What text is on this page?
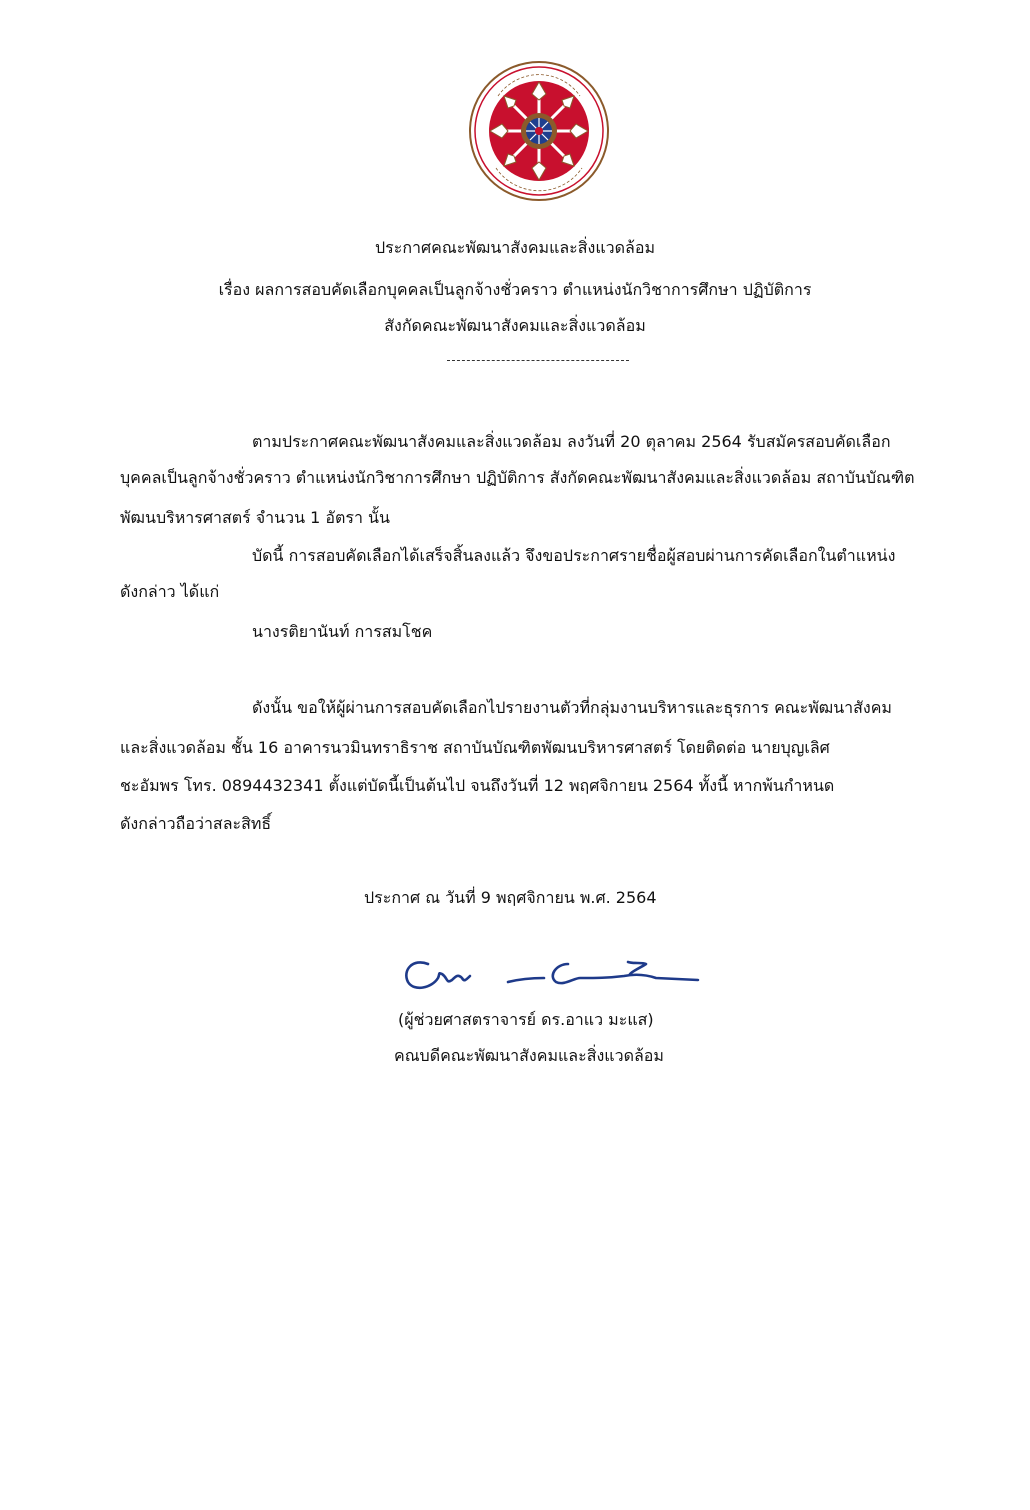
ประกาศคณะพัฒนาสังคมและสิ่งแวดล้อม
เรื่อง ผลการสอบคัดเลือกบุคคลเป็นลูกจ้างชั่วคราว ตำแหน่งนักวิชาการศึกษา ปฏิบัติการ
สังกัดคณะพัฒนาสังคมและสิ่งแวดล้อม
ตามประกาศคณะพัฒนาสังคมและสิ่งแวดล้อม ลงวันที่ 20 ตุลาคม 2564 รับสมัครสอบคัดเลือก
บุคคลเป็นลูกจ้างชั่วคราว ตำแหน่งนักวิชาการศึกษา ปฏิบัติการ สังกัดคณะพัฒนาสังคมและสิ่งแวดล้อม สถาบันบัณฑิต
พัฒนบริหารศาสตร์ จำนวน 1 อัตรา นั้น
บัดนี้ การสอบคัดเลือกได้เสร็จสิ้นลงแล้ว จึงขอประกาศรายชื่อผู้สอบผ่านการคัดเลือกในตำแหน่ง
ดังกล่าว ได้แก่
นางรติยานันท์ การสมโชค
ดังนั้น ขอให้ผู้ผ่านการสอบคัดเลือกไปรายงานตัวที่กลุ่มงานบริหารและธุรการ คณะพัฒนาสังคม
และสิ่งแวดล้อม ชั้น 16 อาคารนวมินทราธิราช สถาบันบัณฑิตพัฒนบริหารศาสตร์ โดยติดต่อ นายบุญเลิศ
ชะอัมพร โทร. 0894432341 ตั้งแต่บัดนี้เป็นต้นไป จนถึงวันที่ 12 พฤศจิกายน 2564 ทั้งนี้ หากพ้นกำหนด
ดังกล่าวถือว่าสละสิทธิ์
ประกาศ ณ วันที่ 9 พฤศจิกายน พ.ศ. 2564
(ผู้ช่วยศาสตราจารย์ ดร.อาแว มะแส)
คณบดีคณะพัฒนาสังคมและสิ่งแวดล้อม
